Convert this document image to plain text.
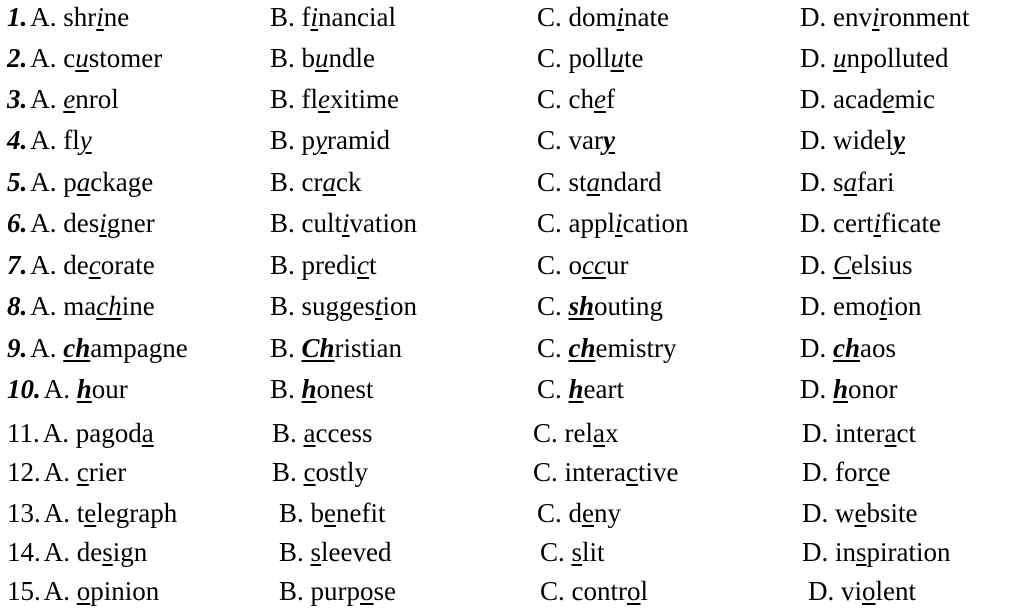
1. A. shrine	B. financial	C. dominate	D. environment
2. A. customer	B. bundle	C. pollute	D. unpolluted
3. A. enrol	B. flexitime	C. chef	D. academic
4. A. fly	B. pyramid	C. vary	D. widely
5. A. package	B. crack	C. standard	D. safari
6. A. designer	B. cultivation	C. application	D. certificate
7. A. decorate	B. predict	C. occur	D. Celsius
8. A. machine	B. suggestion	C. shouting	D. emotion
9. A. champagne	B. Christian	C. chemistry	D. chaos
10. A. hour	B. honest	C. heart	D. honor
11. A. pagoda	B. access	C. relax	D. interact
12. A. crier	B. costly	C. interactive	D. force
13. A. telegraph	B. benefit	C. deny	D. website
14. A. design	B. sleeved	C. slit	D. inspiration
15. A. opinion	B. purpose	C. control	D. violent
